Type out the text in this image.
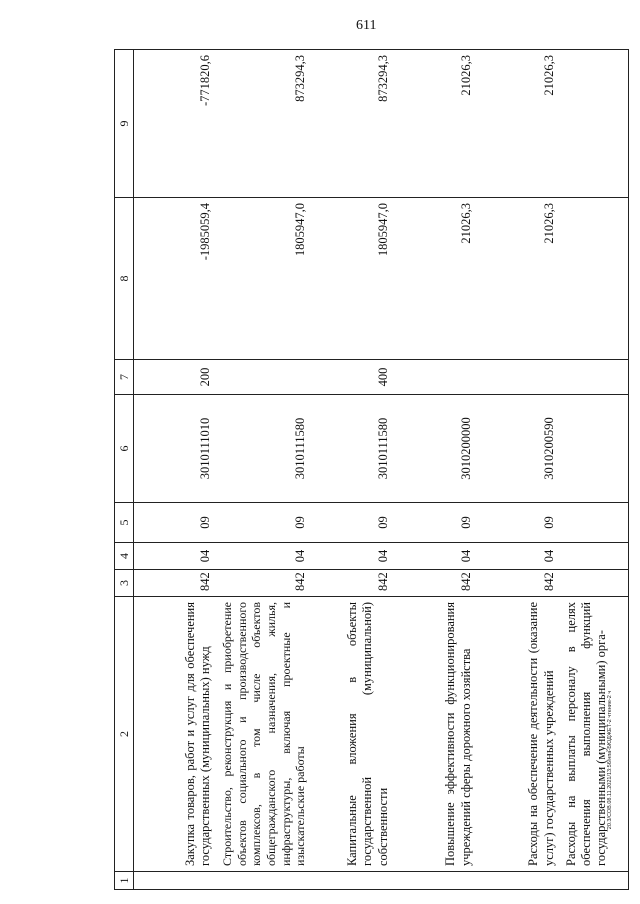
611
20.3/СОВ.08.11.2021/13:56/нпа-БЮДЖЕТ-2 чтение-2 ч
1	2	3	4	5	6	7	8	9
	Закупка товаров, работ и услуг для обеспечения государственных (муниципальных) нужд	842	04	09	3010111010	200	-1985059,4	-771820,6
	Строительство, реконструкция и приобретение объектов социального и производственного комплексов, в том числе объектов общегражданского назначения, жилья, инфраструктуры, включая проектные и изыскательские работы	842	04	09	3010111580		1805947,0	873294,3
	Капитальные вложения в объекты государственной (муниципальной) собственности	842	04	09	3010111580	400	1805947,0	873294,3
	Повышение эффективности функционирования учреждений сферы дорожного хозяйства	842	04	09	3010200000		21026,3	21026,3
	Расходы на обеспечение деятельности (оказание услуг) государственных учреждений	842	04	09	3010200590		21026,3	21026,3
	Расходы на выплаты персоналу в целях обеспечения выполнения функций государственными (муниципальными) орга-							
